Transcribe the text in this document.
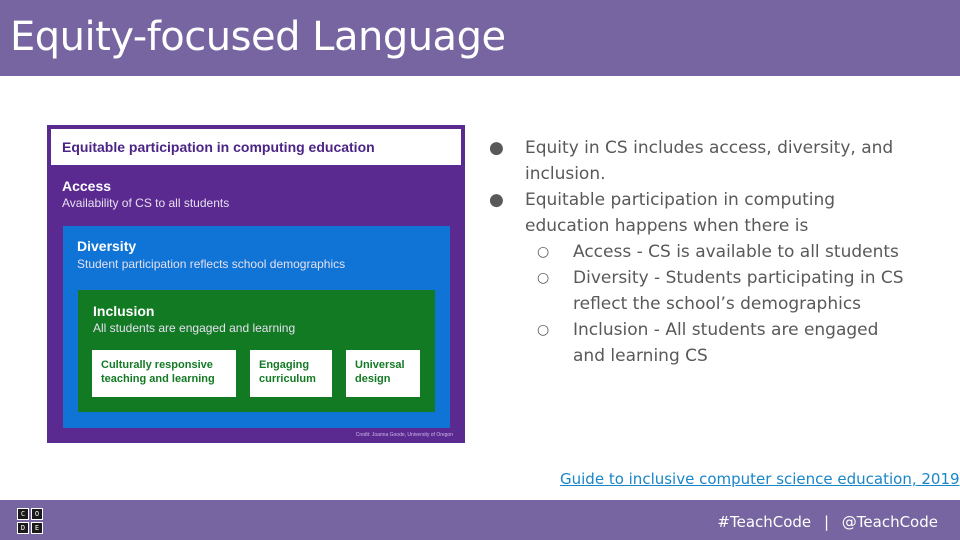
Equity-focused Language
Equitable participation in computing education
Access
Availability of CS to all students
Diversity
Student participation reflects school demographics
Inclusion
All students are engaged and learning
Culturally responsive
teaching and learning
Engaging
curriculum
Universal
design
Credit: Joanna Goode, University of Oregon
● Equity in CS includes access, diversity, and inclusion.
● Equitable participation in computing education happens when there is
○ Access - CS is available to all students
○ Diversity - Students participating in CS reflect the school’s demographics
○ Inclusion - All students are engaged and learning CS
Guide to inclusive computer science education, 2019
C	O
D	E	#TeachCode | @TeachCode
